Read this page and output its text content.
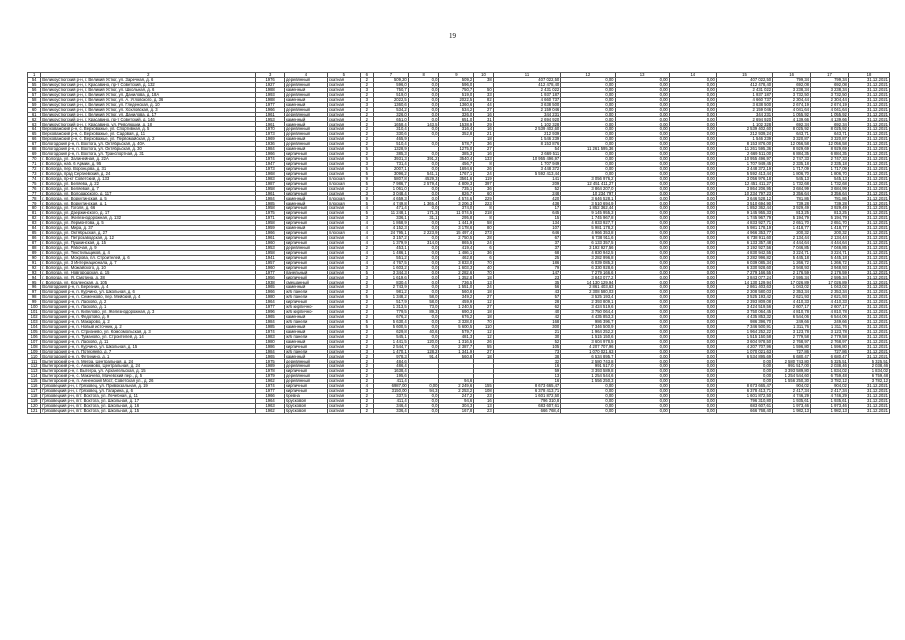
19
1	2	3	4	5	6	7	8	9	10	11	12	13	14	15	16	17	18
54	Великоустюгский р-н, г. Великий Устюг, ул. Заречная, д. 6	1976	деревянный	скатная	2	509,20	0,0	509,2	38	407 022,50	0,00	0,00	0,00	407 022,50	799,34	799,34	31.12.2021
55	Великоустюгский р-н, г. Красавино, пр-т Советский, д. 132	1927	деревянный	скатная	2	596,0	0,0	596,0		412 478,40	0,00	0,00	0,00	412 478,40	692,08	692,08	31.12.2021
56	Великоустюгский р-н, г. Великий Устюг, ул. Школьная, д. 6	1988	каменный	скатная	3	750,7	0,0	750,7	50	2 431 022	0,00	0,00	0,00	2 431 022	3 238,34	3 238,34	31.12.2021
57	Великоустюгский р-н, г. Великий Устюг, ул. Данилова, д. 18А	1993	деревянный	скатная	2	519,0	0,0	519,0	33	1 937 187	0,00	0,00	0,00	1 937 187	3 732,50	3 732,50	31.12.2021
58	Великоустюгский р-н, г. Великий Устюг, ул. А. Угловского, д. 36	1988	каменный	скатная	3	2022,5	0,0	2022,5	82	4 660 737	0,00	0,00	0,00	4 660 737	2 304,44	2 304,44	31.12.2021
59	Великоустюгский р-н, г. Великий Устюг, ул. Гледенская, д. 10	1977	каменный	скатная	3	1360,6	0,0	1360,6	44	3 638 500	0,00	0,00	0,00	3 638 500	2 674,19	2 674,19	31.12.2021
60	Великоустюгский р-н, г. Великий Устюг, ул. Хохловская, д. 3	1966	деревянный	скатная	2	534,2	0,0	534,2	27	2 159 046	0,00	0,00	0,00	2 159 046	4 041,64	4 041,64	31.12.2021
61	Великоустюгский р-н, г. Великий Устюг, ул. Данилова, д. 17	1961	деревянный	скатная	2	326,0	0,0	326,0	16	344 231	0,00	0,00	0,00	344 231	1 055,92	1 055,92	31.12.2021
62	Великоустюгский р-н, г. Красавино, пр-т Советский, д. 146	1953	каменный	скатная	2	651,0	0,0	651,0	31	2 694 920	0,00	0,00	0,00	2 694 920	4 139,66	4 139,66	31.12.2021
63	Великоустюгский р-н, г. Красавино, ул. Революции, д. 18	1961	каменный	скатная	2	1658,4	143,5	1538,9	29	1 102 328	0,00	0,00	0,00	1 102 328	692,34	692,34	31.12.2021
64	Верховажский р-н, с. Верховажье, ул. Спортивная, д. 5	1970	деревянный	скатная	2	310,4	0,0	316,4	16	2 539 402,60	0,00	0,00	0,00	2 539 402,60	8 025,92	8 025,92	31.12.2021
65	Верховажский р-н, с. Верховажье, ул. Садовая, д. 11	1973	деревянный	скатная	2	330,6	0,0	352,8	21	212 939	0,00	0,00	0,00	212 939,24	643,71	643,71	31.12.2021
66	Верховажский р-н, с. Верховажье, ул. Первомайская, д. 2	1969	каменный	скатная	2	465,9			18	1 546 239	0,00	0,00	0,00	1 546 239	3 320,87	3 320,87	31.12.2021
67	Вологодский р-н, п. Вохтога, ул. Октябрьская, д. 40А	1936	деревянный	скатная	2	510,4	0,0	578,7	36	8 153 876	0,00	0,00	0,00	8 153 876,00	12 056,58	12 056,58	31.12.2021
68	Вологодский р-н, п. Вохтога, ул. Октябрьская, д. 30	1984	каменный	скатная	5	1328,9		1275,0	27	54	11 261 595,36	0,00	0,00	11 261 595,36	8 929,69	8 929,69	31.12.2021
69	Вологодский р-н, п. Вохтога, ул. Транспортная, д. 31	1966	кирпичный	скатная	2	385,3	0,0	385,3	16	2 669 511	0,00	0,00	0,00	2 669 511,00	6 884,35	6 884,35	31.12.2021
70	г. Вологда, ул. Залинейная, д. 22А	1974	кирпичный	скатная	5	3931,3	391,2	3540,4	133	10 955 496,97	0,00	0,00	0,00	10 955 496,97	2 747,33	2 747,33	31.12.2021
71	г. Вологда, наб. 6 Армии, д. 95	1947	кирпичный	скатная	3	731,4	0,0	456,7	8	1 707 949	0,00	0,00	0,00	1 707 949,45	2 335,18	2 335,18	31.12.2021
72	г. Вологда, пер. Воронцова, д. 31	1973	кирпичный	скатная	5	2007,1	0,0	1694,6	26	3 448 372	0,00	0,00	0,00	3 448 372,19	1 717,09	1 717,09	31.12.2021
73	г. Вологда, прзд Сергиевский, д. 24	1968	кирпичный	скатная	5	3096,2	541,1	1767,1	24	5 592 413,44	0,00	0,00	0,00	5 592 413,44	1 806,70	1 806,70	31.12.2021
74	г. Вологда, пр-кт Советский, д. 133	1983	кирпичный	плоская	9	5807,8	4529,3	3561,6	119	141	3 056 976,2	0,00	0,00	3 056 976,18	545,13	545,13	31.12.2021
75	г. Вологда, ул. Беляева, д. 22	1987	кирпичный	плоская	5	7 986,7	2 579,4	4 809,3	397	209	12 451 411,27	0,00	0,00	12 451 411,27	1 732,68	1 732,68	31.12.2021
76	г. Вологда, ул. Беляевая, д. 7	1958	кирпичный	скатная	2	1 061,0	0,0	735,1	36	52	3 864 207,0	0,00	0,00	3 864 206,95	3 684,99	3 684,99	31.12.2021
77	г. Вологда, ул. Володарского, д. 117	1961	кирпичный	скатная	3	3 048,4	0,0	826,7	60	248	10 234 797	0,00	0,00	10 234 797,23	3 356,64	3 356,64	31.12.2021
78	г. Вологда, ул. Воркутинская, д. 5	1984	каменный	плоская	9	4 659,3	0,0	4 574,6	229	420	3 646 528,1	0,00	0,00	3 646 528,12	781,86	781,86	31.12.2021
79	г. Вологда, ул. Воркутинская, д. 1	1985	каменный	плоская	5	4 749,8	1 365,4	3 206,3	223	438	3 510 694,9	0,00	0,00	3 510 694,90	739,28	739,28	31.12.2021
80	г. Вологда, ул. Гоголя, д. 66	1958	кирпичный	скатная	4	471,4	0,0	374,0	8	17	1 852 362,44	0,00	0,00	1 852 362,44	3 929,49	3 929,49	31.12.2021
81	г. Вологда, ул. Дзержинского, д. 17	1975	кирпичный	скатная	5	11 248,1	171,3	11 074,5	218	645	9 145 955,3	0,00	0,00	9 145 955,33	813,25	813,25	31.12.2021
82	г. Вологда, ул. Железнодорожная, д. 132	1971	кирпичный	скатная	3	336,1	31,1	295,8	8	15	1 745 967,8	0,00	0,00	1 745 967,79	5 194,79	5 194,79	31.12.2021
83	г. Вологда, ул. Лермонтова, д. 5	1958	кирпичный	скатная	4	1 868,9	0,0	1 441,9	58	134	4 833 927,7	0,00	0,00	4 833 927,71	2 651,70	2 651,70	31.12.2021
84	г. Вологда, ул. Мира, д. 37	1959	каменный	скатная	4	4 152,3	0,0	3 178,6	80	107	5 981 178,2	0,00	0,00	5 981 178,19	1 418,77	1 418,77	31.12.2021
85	г. Вологда, ул. Октябрьская, д. 27	1966	кирпичный	плоская	4	24 795,1	2 223,9	15 497,4	273	646	4 966 353,8	0,00	0,00	4 966 353,77	200,32	200,32	31.12.2021
86	г. Вологда, ул. Петрозаводская, д. 12	1961	кирпичный	скатная	4	3 157,2	0,0	2 750,5	28	67	6 738 911,6	0,00	0,00	6 738 911,60	2 134,44	2 134,44	31.12.2021
87	г. Вологда, ул. Пушкинская, д. 15	1960	кирпичный	скатная	4	1 379,9	314,0	865,5	24	37	6 133 357,5	0,00	0,00	6 133 357,48	4 444,64	4 444,64	31.12.2021
88	г. Вологда, ул. Рабочая, д. 9	1953	деревянный	скатная	2	453,1	0,0	419,4	6	37	3 192 927,56	0,00	0,00	3 192 927,56	7 046,85	7 046,85	31.12.2021
89	г. Вологда, ул. Текстильщиков, д. 4	1958	кирпичный	скатная	4	1 486,1	0,0	1 486,1	36	68	4 830 942,5	0,00	0,00	4 830 942,55	3 224,71	3 224,71	31.12.2021
90	г. Вологда, ул. Мохрова, пл. Строителей, д. 6	1941	кирпичный	скатная	2	551,2	0,0	462,8	6	25	3 282 996,8	0,00	0,00	3 282 996,82	5 445,18	5 445,18	31.12.2021
91	г. Вологда, ул. 3 Интернационала, д. 7	1957	кирпичный	скатная	4	4 767,5	0,0	3 833,0	70	186	6 039 085,3	0,00	0,00	6 039 085,34	1 266,72	1 266,72	31.12.2021
92	г. Вологда, ул. Можайского, д. 10	1960	кирпичный	скатная	3	1 603,2	0,0	1 603,3	40	79	6 330 928,6	0,00	0,00	6 330 928,60	3 948,93	3 948,93	31.12.2021
93	г. Вологда, ул. Новгородская, д. 15	1977	панельный	скатная	5	3 344,3	0,0	2 282,6	70	147	7 279 166,6	0,00	0,00	7 279 166,55	2 176,59	2 176,59	31.12.2021
94	г. Вологда, ул. Я. Смотина, д. 38	1956	кирпичный	скатная	3	1 619,6	0,0	1 352,8	18	23	3 843 077,2	0,00	0,00	3 843 077,24	2 595,34	2 595,34	31.12.2021
95	г. Вологда, ул. Козленская, д. 105	1938	смешанный	скатная	2	830,4	0,0	736,5	13	35	14 130 129,94	0,00	0,00	14 130 129,94	17 026,89	17 026,89	31.12.2021
96	Вологодский р-н, п. Березник, д. 4	1965	каменный	скатная	3	2 743,9	0,0	1 551,0	24	56	2 861 403,63	0,00	0,00	2 861 403,63	1 043,02	1 043,02	31.12.2021
97	Вологодский р-н, п. Курчино, ул. Школьная, д. 6	1966	ж/б панели	скатная	2	981,2	0,0	560,8	18	43	2 308 580,03	0,00	0,00	2 308 580,03	2 353,34	2 353,34	31.12.2021
98	Вологодский р-н, п. Семенково, пер. Мейский, д. 4	1980	ж/б панели	скатная	5	1 348,2	58,0	349,2	27	57	3 525 193,4	0,00	0,00	3 525 193,42	2 621,93	2 621,93	31.12.2021
99	Вологодский р-н, п. Ласково, д. 2	1964	кирпичный	скатная	2	517,9	58,0	459,9	12	28	2 393 809,1	0,00	0,00	2 393 809,08	4 410,33	4 410,33	31.12.2021
100	Вологодский р-н, п. Ласково, д. 1	1977	ж/б кирпично-	скатная	2	1 313,5	73,0	1 240,5	27	62	3 424 519,6	0,00	0,00	3 424 519,56	2 607,17	2 607,17	31.12.2021
101	Вологодский р-н, п. Кипелово, ул. Железнодорожная, д. 3	1996	ж/б кирпично-	скатная	2	779,5	89,3	690,3	18	40	3 750 064,4	0,00	0,00	3 750 064,45	4 810,78	4 810,78	31.12.2021
102	Вологодский р-н, п. Федотово, д. 9	1965	каменный	скатная	2	676,2	0,0	676,2	18	42	4 435 853,3	0,00	0,00	4 435 853,32	6 544,06	6 544,06	31.12.2021
103	Вологодский р-н, п. Макарово, д. 2	1984	ж/б панели	скатная	5	5 630,4	0,0	3 328,0	70	168	986 396,7	0,00	0,00	986 396,70	249,66	249,66	31.12.2021
104	Вологодский р-н, п. Новый источник, д. 2	1985	каменный	скатная	5	5 600,5	0,0	5 600,5	110	300	7 346 500,9	0,00	0,00	7 346 500,91	1 311,76	1 311,76	31.12.2021
105	Вологодский р-н, п. Стризнево, ул. Комсомольская, д. 3	1974	каменный	скатная	2	629,8	40,6	579,7	12	21	1 964 252,2	0,00	0,00	1 964 252,22	3 123,78	3 123,78	31.12.2021
106	Вологодский р-н, п. Туманово, ул. Строителей, д. 14	1983	ж/б панели	скатная	2	545,1	0,0	481,3	12	30	1 515 150,6	0,00	0,00	1 515 150,58	2 779,58	2 779,58	31.12.2021
107	Вологодский р-н, п. Ласково, д. 11	1980	каменный	скатная	2	1 441,5	120,0	1 316,5	26	52	3 604 978,5	0,00	0,00	3 604 978,50	2 768,97	2 768,97	31.12.2021
108	Вологодский р-н, п. Курчино, ул. Школьная, д. 15	1986	кирпичный	скатная	2	2 544,7	0,0	2 387,7	55	105	4 207 707,96	0,00	0,00	4 207 707,96	1 596,80	1 596,80	31.12.2021
109	Вологодский р-н, п. Потеряево, д. 7	1984	ж/б панели	скатная	3	1 470,1	128,2	1 341,9	27	73	1 070 021,63	0,00	0,00	1 070 021,63	727,86	727,86	31.12.2021
110	Вологодский р-н, п. Фетинино, д. 1	1965	каменный	скатная	2	978,3	91,4	560,8	18	38	6 534 895,7	0,00	0,00	6 534 895,69	6 680,47	6 680,47	31.12.2021
111	Вытегорский р-н, п. Мегра, Центральная, д. 24	1975	деревянный	скатная	2	484,6				32	2 580 743,8	0,00	0,00	0,00	2 580 743,80	5 325,51	5 325,51
112	Вытегорский р-н, с. Анхимово, Центральная, д. 24	1989	деревянный	скатная	2	486,4				16	991 517,0	0,00	0,00	0,00	991 517,00	2 038,46	2 038,46
113	Вытегорский р-н, г. Вытегра, ул. Архангельская, д. 15	1978	кирпичный	скатная	2	1638,4				59	3 393 589,8	0,00	0,00	0,00	3 393 589,80	1 834,02	1 834,02
114	Вытегорский р-н, с. Макачево, Мачевский пер., д. 5	1979	деревянный	скатная	2	195,6				13	1 254 544,6	0,00	0,00	0,00	1 254 544,60	6 759,48	6 759,48
115	Вытегорский р-н, п. Анненский Мост, Советская ул., д. 26	1962	деревянный	скатная	2	411,4		94,6		16	1 556 250,3	0,00	0,00	0,00	1 556 250,30	3 782,12	3 782,12
116	Грязовецкий р-н, г. Грязовец, ул. Привокзальная, д. 19	1974	кирпичный	скатная	4	6987,00	0,00	2 249,6	155	8 673 665,47	0,00	0,00	0,00	8 673 665,47	904,02	904,02	31.12.2021
117	Грязовецкий р-н, г. Грязовец, ул. Гагарина, д. 6	1977	кирпичный	скатная	3	3150,00	94,3	2 253,2	108	6 378 413,71	0,00	0,00	0,00	6 378 413,71	2 417,34	2 417,34	31.12.2021
118	Грязовецкий р-н, пгт. Вохтога, ул. Лечебная, д. 11	1966	бревна	скатная	2	337,5	0,0	247,2	23	1 601 872,50	0,00	0,00	0,00	1 601 872,50	4 746,29	4 746,29	31.12.2021
119	Грязовецкий р-н, пгт. Вохтога, ул. Школьная, д. 17	1964	брусковой	скатная	2	411,4	0,0	94,6	16	796 310,8	0,00	0,00	0,00	796 310,80	1 935,61	1 935,61	31.12.2021
120	Грязовецкий р-н, пгт. Вохтога, ул. Школьная, д. 16	1963	брусковой	скатная	2	346,4	0,0	304,3	13	683 607,61	0,00	0,00	0,00	683 607,61	1 973,46	1 973,46	31.12.2021
121	Грязовецкий р-н, пгт. Вохтога, ул. Школьная, д. 15	1962	брусковой	скатная	2	336,4	0,0	167,8	23	666 768,4	0,00	0,00	0,00	666 768,40	1 982,13	1 982,13	31.12.2021
